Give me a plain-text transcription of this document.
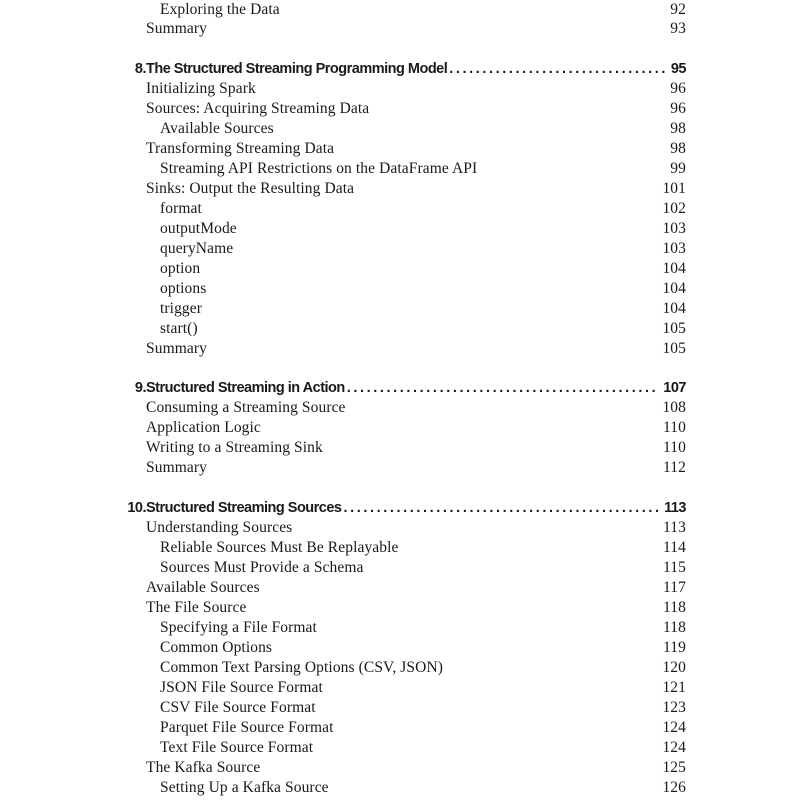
Exploring the Data	92
Summary	93
8. The Structured Streaming Programming Model .....	95
Initializing Spark	96
Sources: Acquiring Streaming Data	96
Available Sources	98
Transforming Streaming Data	98
Streaming API Restrictions on the DataFrame API	99
Sinks: Output the Resulting Data	101
format	102
outputMode	103
queryName	103
option	104
options	104
trigger	104
start()	105
Summary	105
9. Structured Streaming in Action .....	107
Consuming a Streaming Source	108
Application Logic	110
Writing to a Streaming Sink	110
Summary	112
10. Structured Streaming Sources .....	113
Understanding Sources	113
Reliable Sources Must Be Replayable	114
Sources Must Provide a Schema	115
Available Sources	117
The File Source	118
Specifying a File Format	118
Common Options	119
Common Text Parsing Options (CSV, JSON)	120
JSON File Source Format	121
CSV File Source Format	123
Parquet File Source Format	124
Text File Source Format	124
The Kafka Source	125
Setting Up a Kafka Source	126
